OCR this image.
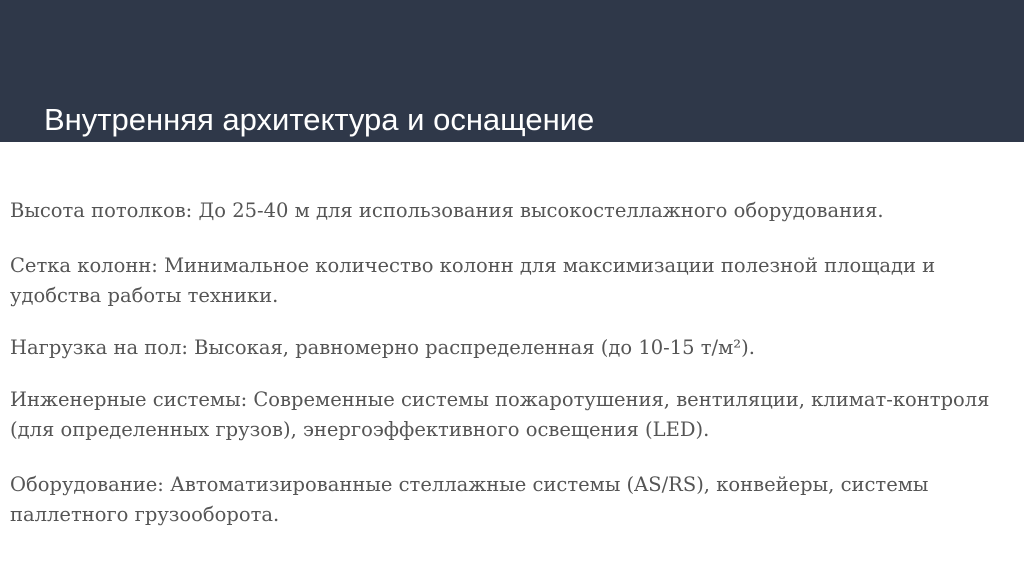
Внутренняя архитектура и оснащение

Высота потолков: До 25-40 м для использования высокостеллажного оборудования.

Сетка колонн: Минимальное количество колонн для максимизации полезной площади и удобства работы техники.

Нагрузка на пол: Высокая, равномерно распределенная (до 10-15 т/м²).

Инженерные системы: Современные системы пожаротушения, вентиляции, климат-контроля (для определенных грузов), энергоэффективного освещения (LED).

Оборудование: Автоматизированные стеллажные системы (AS/RS), конвейеры, системы паллетного грузооборота.
